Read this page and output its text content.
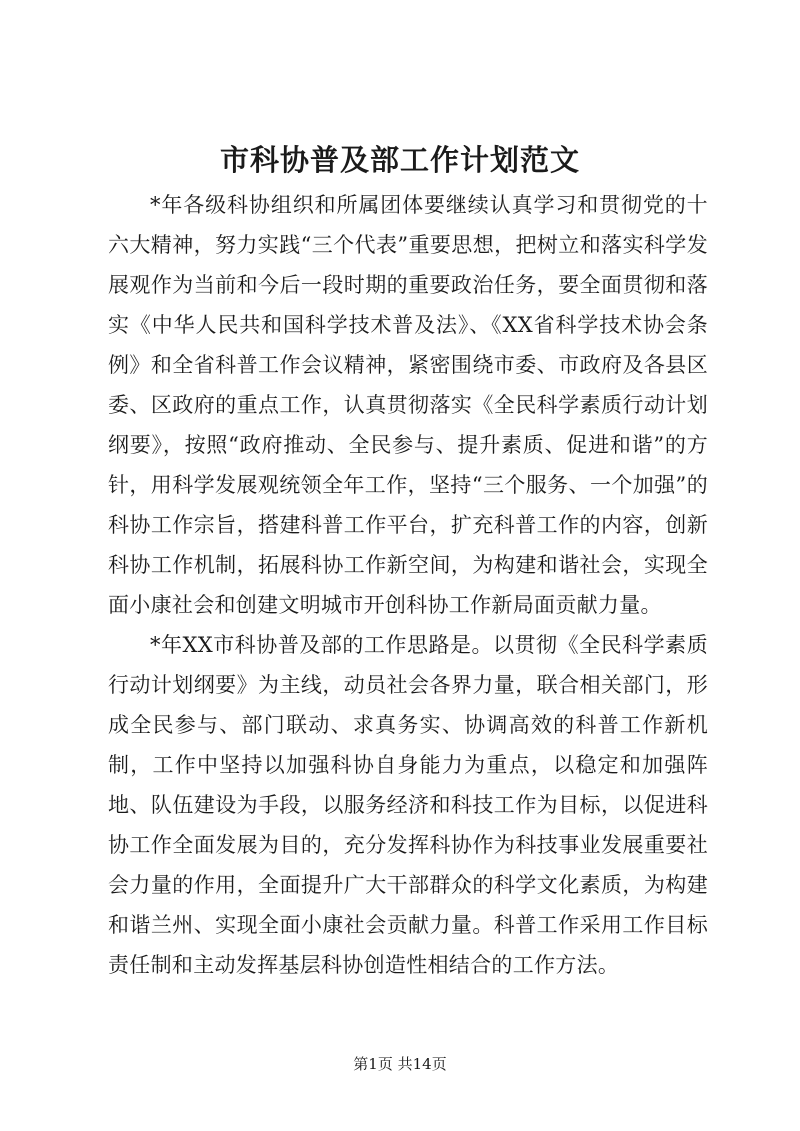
市科协普及部工作计划范文

*年各级科协组织和所属团体要继续认真学习和贯彻党的十六大精神，努力实践“三个代表”重要思想，把树立和落实科学发展观作为当前和今后一段时期的重要政治任务，要全面贯彻和落实《中华人民共和国科学技术普及法》、《XX省科学技术协会条例》和全省科普工作会议精神，紧密围绕市委、市政府及各县区委、区政府的重点工作，认真贯彻落实《全民科学素质行动计划纲要》，按照“政府推动、全民参与、提升素质、促进和谐”的方针，用科学发展观统领全年工作，坚持“三个服务、一个加强”的科协工作宗旨，搭建科普工作平台，扩充科普工作的内容，创新科协工作机制，拓展科协工作新空间，为构建和谐社会，实现全面小康社会和创建文明城市开创科协工作新局面贡献力量。

*年XX市科协普及部的工作思路是。以贯彻《全民科学素质行动计划纲要》为主线，动员社会各界力量，联合相关部门，形成全民参与、部门联动、求真务实、协调高效的科普工作新机制，工作中坚持以加强科协自身能力为重点，以稳定和加强阵地、队伍建设为手段，以服务经济和科技工作为目标，以促进科协工作全面发展为目的，充分发挥科协作为科技事业发展重要社会力量的作用，全面提升广大干部群众的科学文化素质，为构建和谐兰州、实现全面小康社会贡献力量。科普工作采用工作目标责任制和主动发挥基层科协创造性相结合的工作方法。

第1页 共14页
